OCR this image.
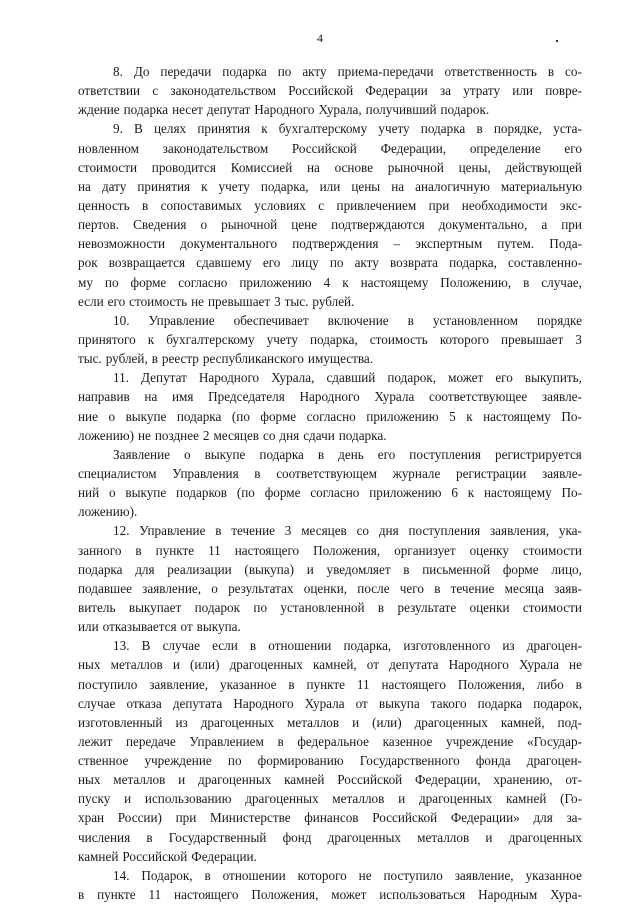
4
8. До передачи подарка по акту приема-передачи ответственность в со-
ответствии с законодательством Российской Федерации за утрату или повре-
ждение подарка несет депутат Народного Хурала, получивший подарок.
9. В целях принятия к бухгалтерскому учету подарка в порядке, уста-
новленном законодательством Российской Федерации, определение его
стоимости проводится Комиссией на основе рыночной цены, действующей
на дату принятия к учету подарка, или цены на аналогичную материальную
ценность в сопоставимых условиях с привлечением при необходимости экс-
пертов. Сведения о рыночной цене подтверждаются документально, а при
невозможности документального подтверждения – экспертным путем. Пода-
рок возвращается сдавшему его лицу по акту возврата подарка, составленно-
му по форме согласно приложению 4 к настоящему Положению, в случае,
если его стоимость не превышает 3 тыс. рублей.
10. Управление обеспечивает включение в установленном порядке
принятого к бухгалтерскому учету подарка, стоимость которого превышает 3
тыс. рублей, в реестр республиканского имущества.
11. Депутат Народного Хурала, сдавший подарок, может его выкупить,
направив на имя Председателя Народного Хурала соответствующее заявле-
ние о выкупе подарка (по форме согласно приложению 5 к настоящему По-
ложению) не позднее 2 месяцев со дня сдачи подарка.
Заявление о выкупе подарка в день его поступления регистрируется
специалистом Управления в соответствующем журнале регистрации заявле-
ний о выкупе подарков (по форме согласно приложению 6 к настоящему По-
ложению).
12. Управление в течение 3 месяцев со дня поступления заявления, ука-
занного в пункте 11 настоящего Положения, организует оценку стоимости
подарка для реализации (выкупа) и уведомляет в письменной форме лицо,
подавшее заявление, о результатах оценки, после чего в течение месяца заяв-
витель выкупает подарок по установленной в результате оценки стоимости
или отказывается от выкупа.
13. В случае если в отношении подарка, изготовленного из драгоцен-
ных металлов и (или) драгоценных камней, от депутата Народного Хурала не
поступило заявление, указанное в пункте 11 настоящего Положения, либо в
случае отказа депутата Народного Хурала от выкупа такого подарка подарок,
изготовленный из драгоценных металлов и (или) драгоценных камней, под-
лежит передаче Управлением в федеральное казенное учреждение «Государ-
ственное учреждение по формированию Государственного фонда драгоцен-
ных металлов и драгоценных камней Российской Федерации, хранению, от-
пуску и использованию драгоценных металлов и драгоценных камней (Го-
хран России) при Министерстве финансов Российской Федерации» для за-
числения в Государственный фонд драгоценных металлов и драгоценных
камней Российской Федерации.
14. Подарок, в отношении которого не поступило заявление, указанное
в пункте 11 настоящего Положения, может использоваться Народным Хура-
